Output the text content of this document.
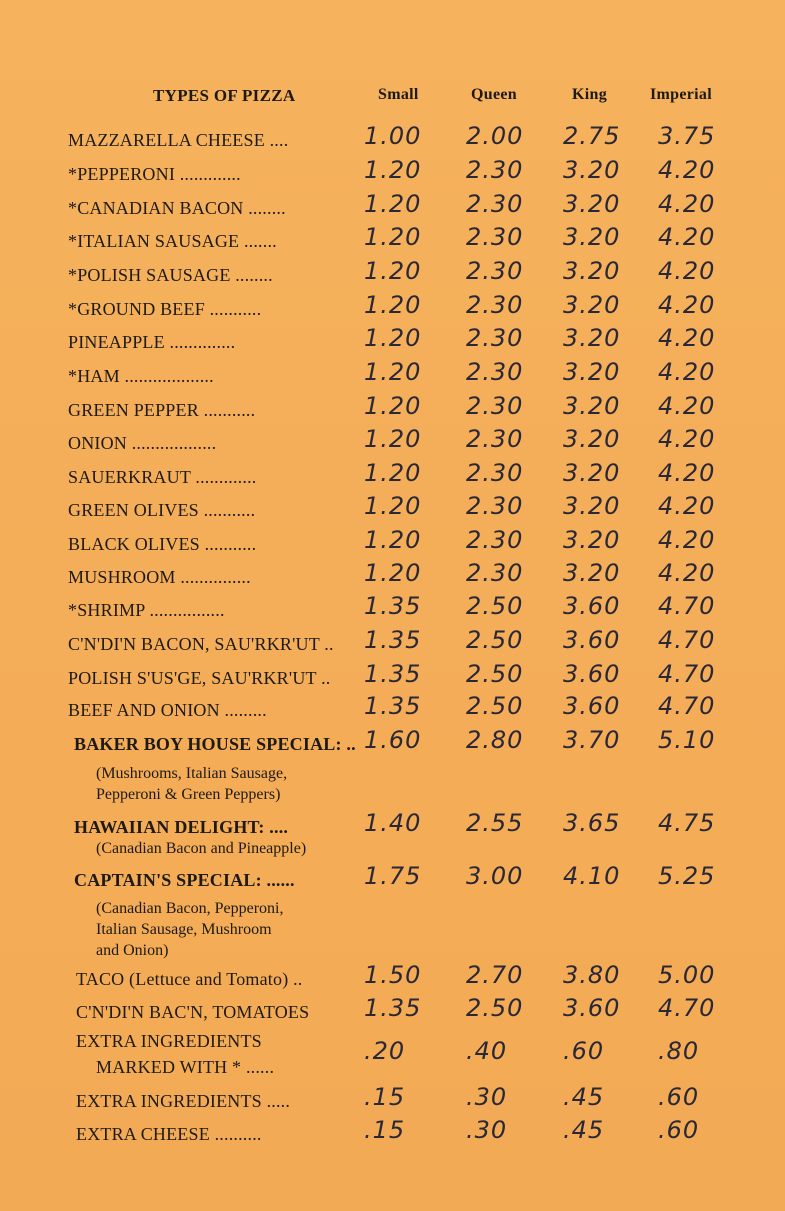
TYPES OF PIZZA	Small	Queen	King	Imperial
MAZZARELLA CHEESE ....	1.00 2.00 2.75 3.75
*PEPPERONI .............	1.20 2.30 3.20 4.20
*CANADIAN BACON ........	1.20 2.30 3.20 4.20
*ITALIAN SAUSAGE .......	1.20 2.30 3.20 4.20
*POLISH SAUSAGE ........	1.20 2.30 3.20 4.20
*GROUND BEEF ...........	1.20 2.30 3.20 4.20
PINEAPPLE ..............	1.20 2.30 3.20 4.20
*HAM ...................	1.20 2.30 3.20 4.20
GREEN PEPPER ...........	1.20 2.30 3.20 4.20
ONION ..................	1.20 2.30 3.20 4.20
SAUERKRAUT .............	1.20 2.30 3.20 4.20
GREEN OLIVES ...........	1.20 2.30 3.20 4.20
BLACK OLIVES ...........	1.20 2.30 3.20 4.20
MUSHROOM ...............	1.20 2.30 3.20 4.20
*SHRIMP ................	1.35 2.50 3.60 4.70
C'N'DI'N BACON, SAU'RKR'UT .. 1.35 2.50 3.60 4.70
POLISH S'US'GE, SAU'RKR'UT .. 1.35 2.50 3.60 4.70
BEEF AND ONION .........	1.35 2.50 3.60 4.70
BAKER BOY HOUSE SPECIAL: .. 1.60 2.80 3.70 5.10
(Mushrooms, Italian Sausage,
Pepperoni & Green Peppers)
HAWAIIAN DELIGHT: ....	1.40 2.55 3.65 4.75
(Canadian Bacon and Pineapple)
CAPTAIN'S SPECIAL: ......	1.75 3.00 4.10 5.25
(Canadian Bacon, Pepperoni,
Italian Sausage, Mushroom
and Onion)
TACO (Lettuce and Tomato) ..	1.50 2.70 3.80 5.00
C'N'DI'N BAC'N, TOMATOES 1.35 2.50 3.60 4.70
EXTRA INGREDIENTS
MARKED WITH * ......
.20	.40 .60 .80
EXTRA INGREDIENTS .....	.15	.30 .45 .60
EXTRA CHEESE ..........	.15	.30 .45 .60
